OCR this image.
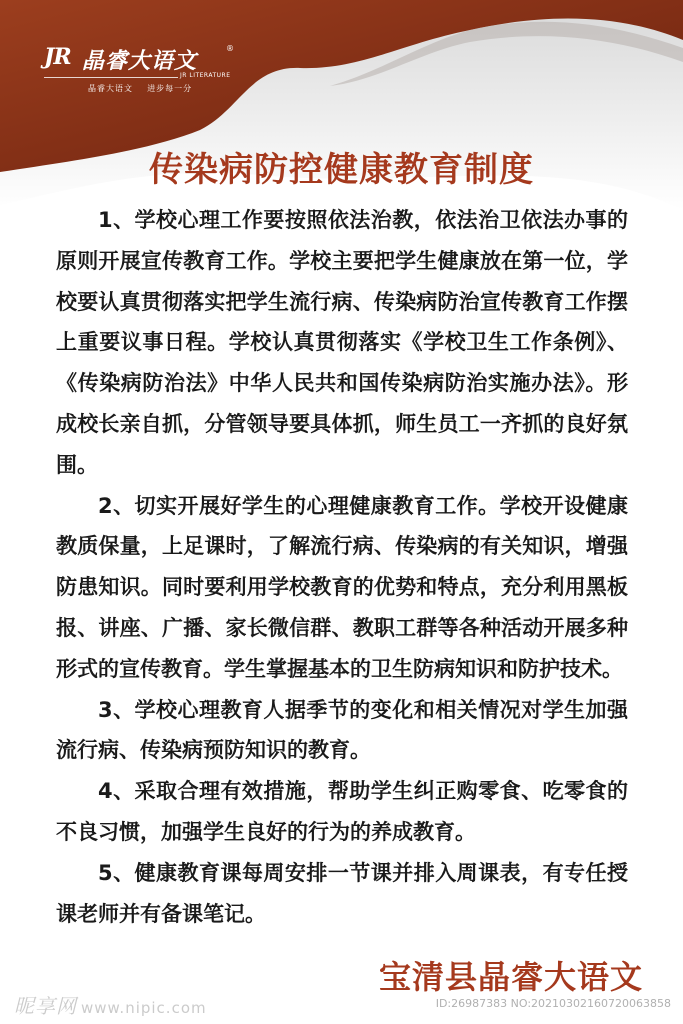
JR 晶睿大语文
®
JR LITERATURE
晶睿大语文 进步每一分
传染病防控健康教育制度

1、学校心理工作要按照依法治教，依法治卫依法办事的原则开展宣传教育工作。学校主要把学生健康放在第一位，学校要认真贯彻落实把学生流行病、传染病防治宣传教育工作摆上重要议事日程。学校认真贯彻落实《学校卫生工作条例》、《传染病防治法》中华人民共和国传染病防治实施办法》。形成校长亲自抓，分管领导要具体抓，师生员工一齐抓的良好氛围。

2、切实开展好学生的心理健康教育工作。学校开设健康教质保量，上足课时，了解流行病、传染病的有关知识，增强防患知识。同时要利用学校教育的优势和特点，充分利用黑板报、讲座、广播、家长微信群、教职工群等各种活动开展多种形式的宣传教育。学生掌握基本的卫生防病知识和防护技术。

3、学校心理教育人据季节的变化和相关情况对学生加强流行病、传染病预防知识的教育。

4、采取合理有效措施，帮助学生纠正购零食、吃零食的不良习惯，加强学生良好的行为的养成教育。

5、健康教育课每周安排一节课并排入周课表，有专任授课老师并有备课笔记。

宝清县晶睿大语文
昵享网 www.nipic.com	ID:26987383 NO:20210302160720063858
